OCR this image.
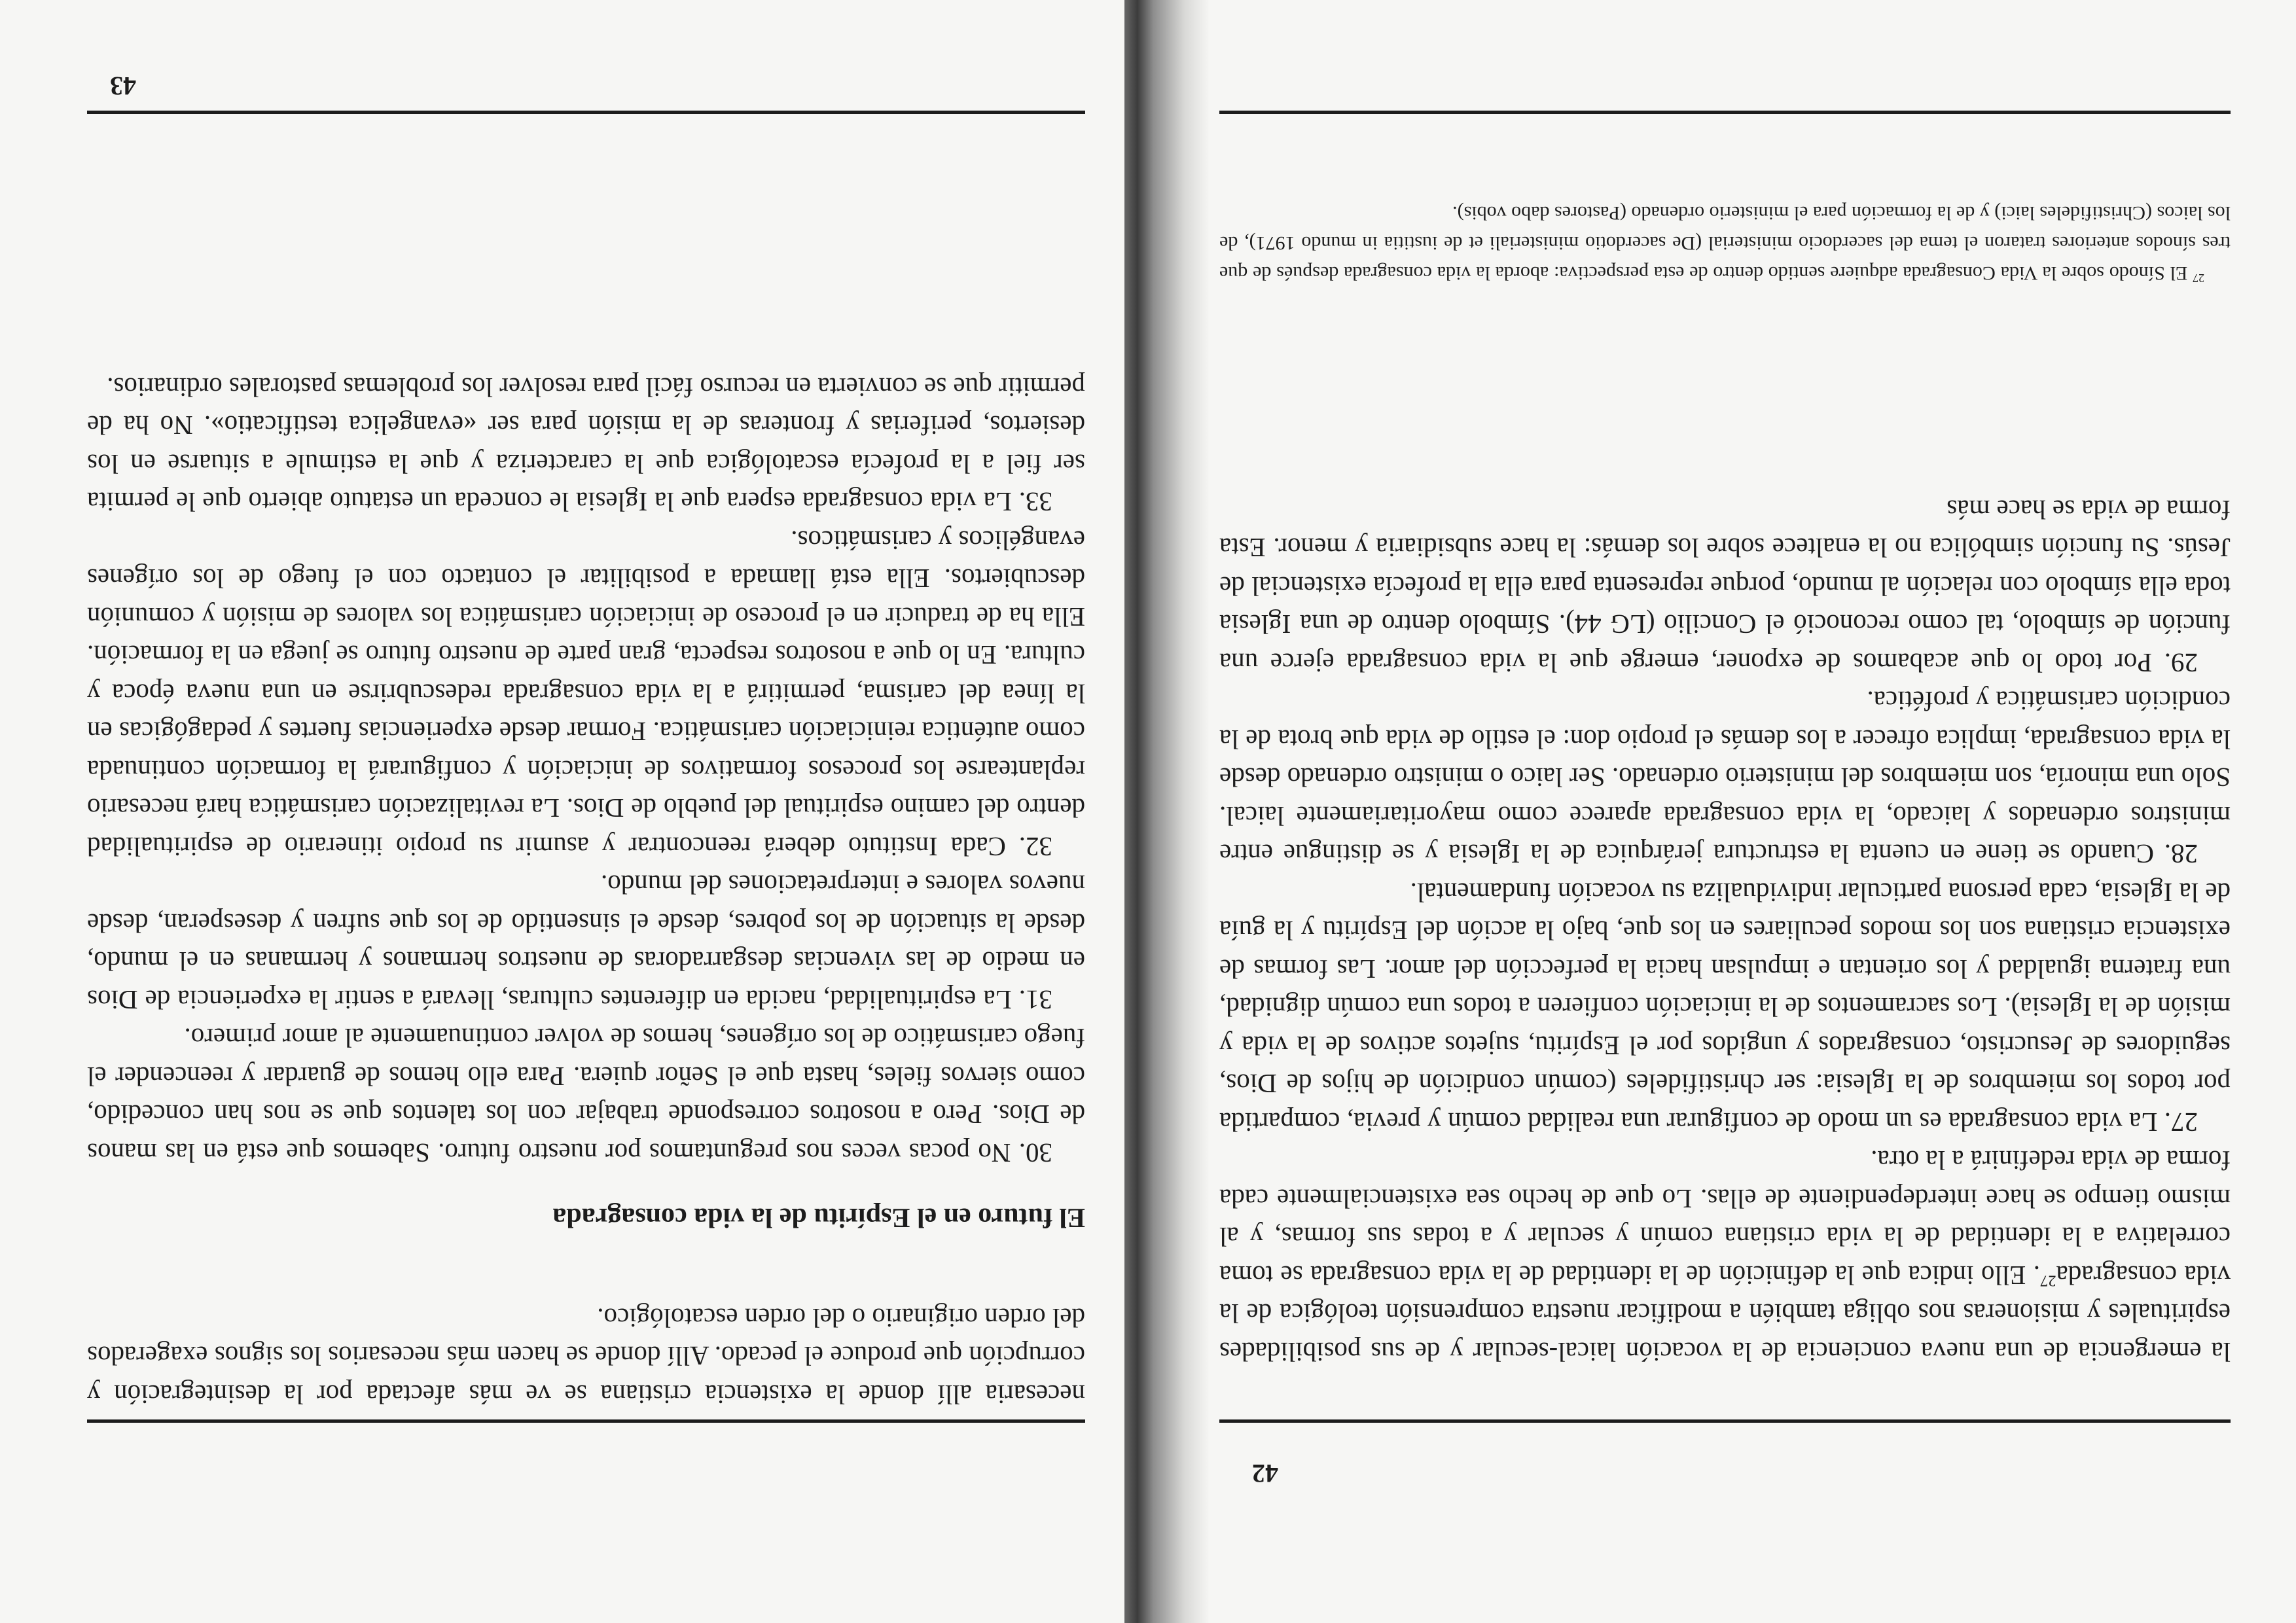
42

la emergencia de una nueva conciencia de la vocación laical-secular y de sus posibilidades espirituales y misioneras nos obliga también a modificar nuestra comprensión teológica de la vida consagrada$^{27}$. Ello indica que la definición de la identidad de la vida consagrada se toma correlativa a la identidad de la vida cristiana común y secular y a todas sus formas, y al mismo tiempo se hace interdependiente de ellas. Lo que de hecho sea existencialmente cada forma de vida redefinirá a la otra.

27. La vida consagrada es un modo de configurar una realidad común y previa, compartida por todos los miembros de la Iglesia: ser christifideles (común condición de hijos de Dios, seguidores de Jesucristo, consagrados y ungidos por el Espíritu, sujetos activos de la vida y misión de la Iglesia). Los sacramentos de la iniciación confieren a todos una común dignidad, una fraterna igualdad y los orientan e impulsan hacia la perfección del amor. Las formas de existencia cristiana son los modos peculiares en los que, bajo la acción del Espíritu y la guía de la Iglesia, cada persona particular individualiza su vocación fundamental.

28. Cuando se tiene en cuenta la estructura jerárquica de la Iglesia y se distingue entre ministros ordenados y laicado, la vida consagrada aparece como mayoritariamente laical. Solo una minoría, son miembros del ministerio ordenado. Ser laico o ministro ordenado desde la vida consagrada, implica ofrecer a los demás el propio don: el estilo de vida que brota de la condición carismática y profética.

29. Por todo lo que acabamos de exponer, emerge que la vida consagrada ejerce una función de símbolo, tal como reconoció el Concilio (LG 44). Símbolo dentro de una Iglesia toda ella símbolo con relación al mundo, porque representa para ella la profecía existencial de Jesús. Su función simbólica no la enaltece sobre los demás: la hace subsidiaria y menor. Esta forma de vida se hace más

$^{27}$ El Sínodo sobre la Vida Consagrada adquiere sentido dentro de esta perspectiva: aborda la vida consagrada después de que tres sínodos anteriores trataron el tema del sacerdocio ministerial (De sacerdotio ministeriali et de iustitia in mundo 1971), de los laicos (Christifideles laici) y de la formación para el ministerio ordenado (Pastores dabo vobis).

necesaria allí donde la existencia cristiana se ve más afectada por la desintegración y corrupción que produce el pecado. Allí donde se hacen más necesarios los signos exagerados del orden originario o del orden escatológico.

El futuro en el Espíritu de la vida consagrada

30. No pocas veces nos preguntamos por nuestro futuro. Sabemos que está en las manos de Dios. Pero a nosotros corresponde trabajar con los talentos que se nos han concedido, como siervos fieles, hasta que el Señor quiera. Para ello hemos de guardar y reencender el fuego carismático de los orígenes, hemos de volver continuamente al amor primero.

31. La espiritualidad, nacida en diferentes culturas, llevará a sentir la experiencia de Dios en medio de las vivencias desgarradoras de nuestros hermanos y hermanas en el mundo, desde la situación de los pobres, desde el sinsentido de los que sufren y desesperan, desde nuevos valores e interpretaciones del mundo.

32. Cada Instituto deberá reencontrar y asumir su propio itinerario de espiritualidad dentro del camino espiritual del pueblo de Dios. La revitalización carismática hará necesario replantearse los procesos formativos de iniciación y configurará la formación continuada como auténtica reiniciación carismática. Formar desde experiencias fuertes y pedagógicas en la línea del carisma, permitirá a la vida consagrada redescubrirse en una nueva época y cultura. En lo que a nosotros respecta, gran parte de nuestro futuro se juega en la formación. Ella ha de traducir en el proceso de iniciación carismática los valores de misión y comunión descubiertos. Ella está llamada a posibilitar el contacto con el fuego de los orígenes evangélicos y carismáticos.

33. La vida consagrada espera que la Iglesia le conceda un estatuto abierto que le permita ser fiel a la profecía escatológica que la caracteriza y que la estimule a situarse en los desiertos, periferias y fronteras de la misión para ser «evangelica testificatio». No ha de permitir que se convierta en recurso fácil para resolver los problemas pastorales ordinarios.

43
